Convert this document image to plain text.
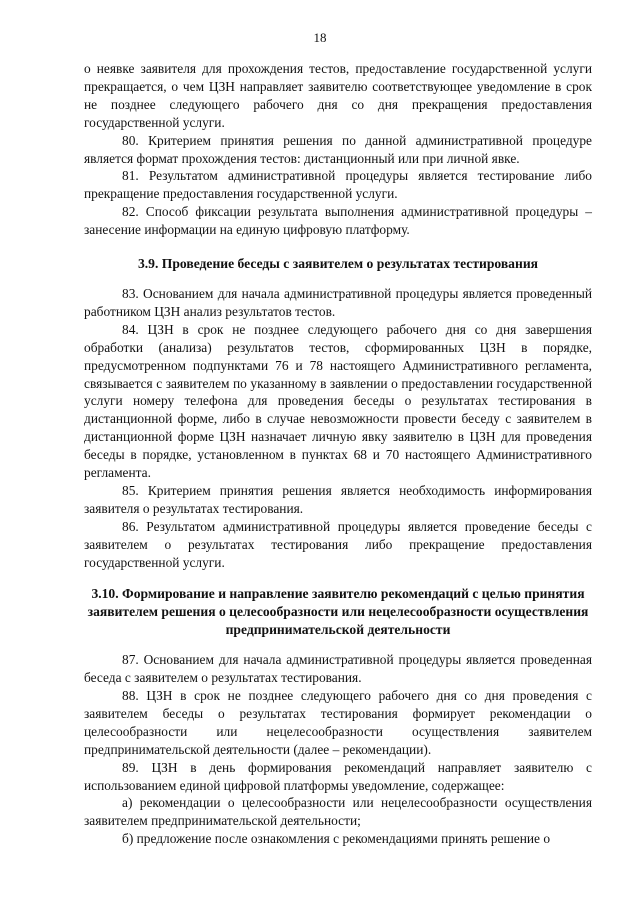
18

о неявке заявителя для прохождения тестов, предоставление государственной услуги прекращается, о чем ЦЗН направляет заявителю соответствующее уведомление в срок не позднее следующего рабочего дня со дня прекращения предоставления государственной услуги.

80. Критерием принятия решения по данной административной процедуре является формат прохождения тестов: дистанционный или при личной явке.

81. Результатом административной процедуры является тестирование либо прекращение предоставления государственной услуги.

82. Способ фиксации результата выполнения административной процедуры – занесение информации на единую цифровую платформу.

3.9. Проведение беседы с заявителем о результатах тестирования

83. Основанием для начала административной процедуры является проведенный работником ЦЗН анализ результатов тестов.

84. ЦЗН в срок не позднее следующего рабочего дня со дня завершения обработки (анализа) результатов тестов, сформированных ЦЗН в порядке, предусмотренном подпунктами 76 и 78 настоящего Административного регламента, связывается с заявителем по указанному в заявлении о предоставлении государственной услуги номеру телефона для проведения беседы о результатах тестирования в дистанционной форме, либо в случае невозможности провести беседу с заявителем в дистанционной форме ЦЗН назначает личную явку заявителю в ЦЗН для проведения беседы в порядке, установленном в пунктах 68 и 70 настоящего Административного регламента.

85. Критерием принятия решения является необходимость информирования заявителя о результатах тестирования.

86. Результатом административной процедуры является проведение беседы с заявителем о результатах тестирования либо прекращение предоставления государственной услуги.

3.10. Формирование и направление заявителю рекомендаций с целью принятия заявителем решения о целесообразности или нецелесообразности осуществления предпринимательской деятельности

87. Основанием для начала административной процедуры является проведенная беседа с заявителем о результатах тестирования.

88. ЦЗН в срок не позднее следующего рабочего дня со дня проведения с заявителем беседы о результатах тестирования формирует рекомендации о целесообразности или нецелесообразности осуществления заявителем предпринимательской деятельности (далее – рекомендации).

89. ЦЗН в день формирования рекомендаций направляет заявителю с использованием единой цифровой платформы уведомление, содержащее:

а) рекомендации о целесообразности или нецелесообразности осуществления заявителем предпринимательской деятельности;

б) предложение после ознакомления с рекомендациями принять решение о
